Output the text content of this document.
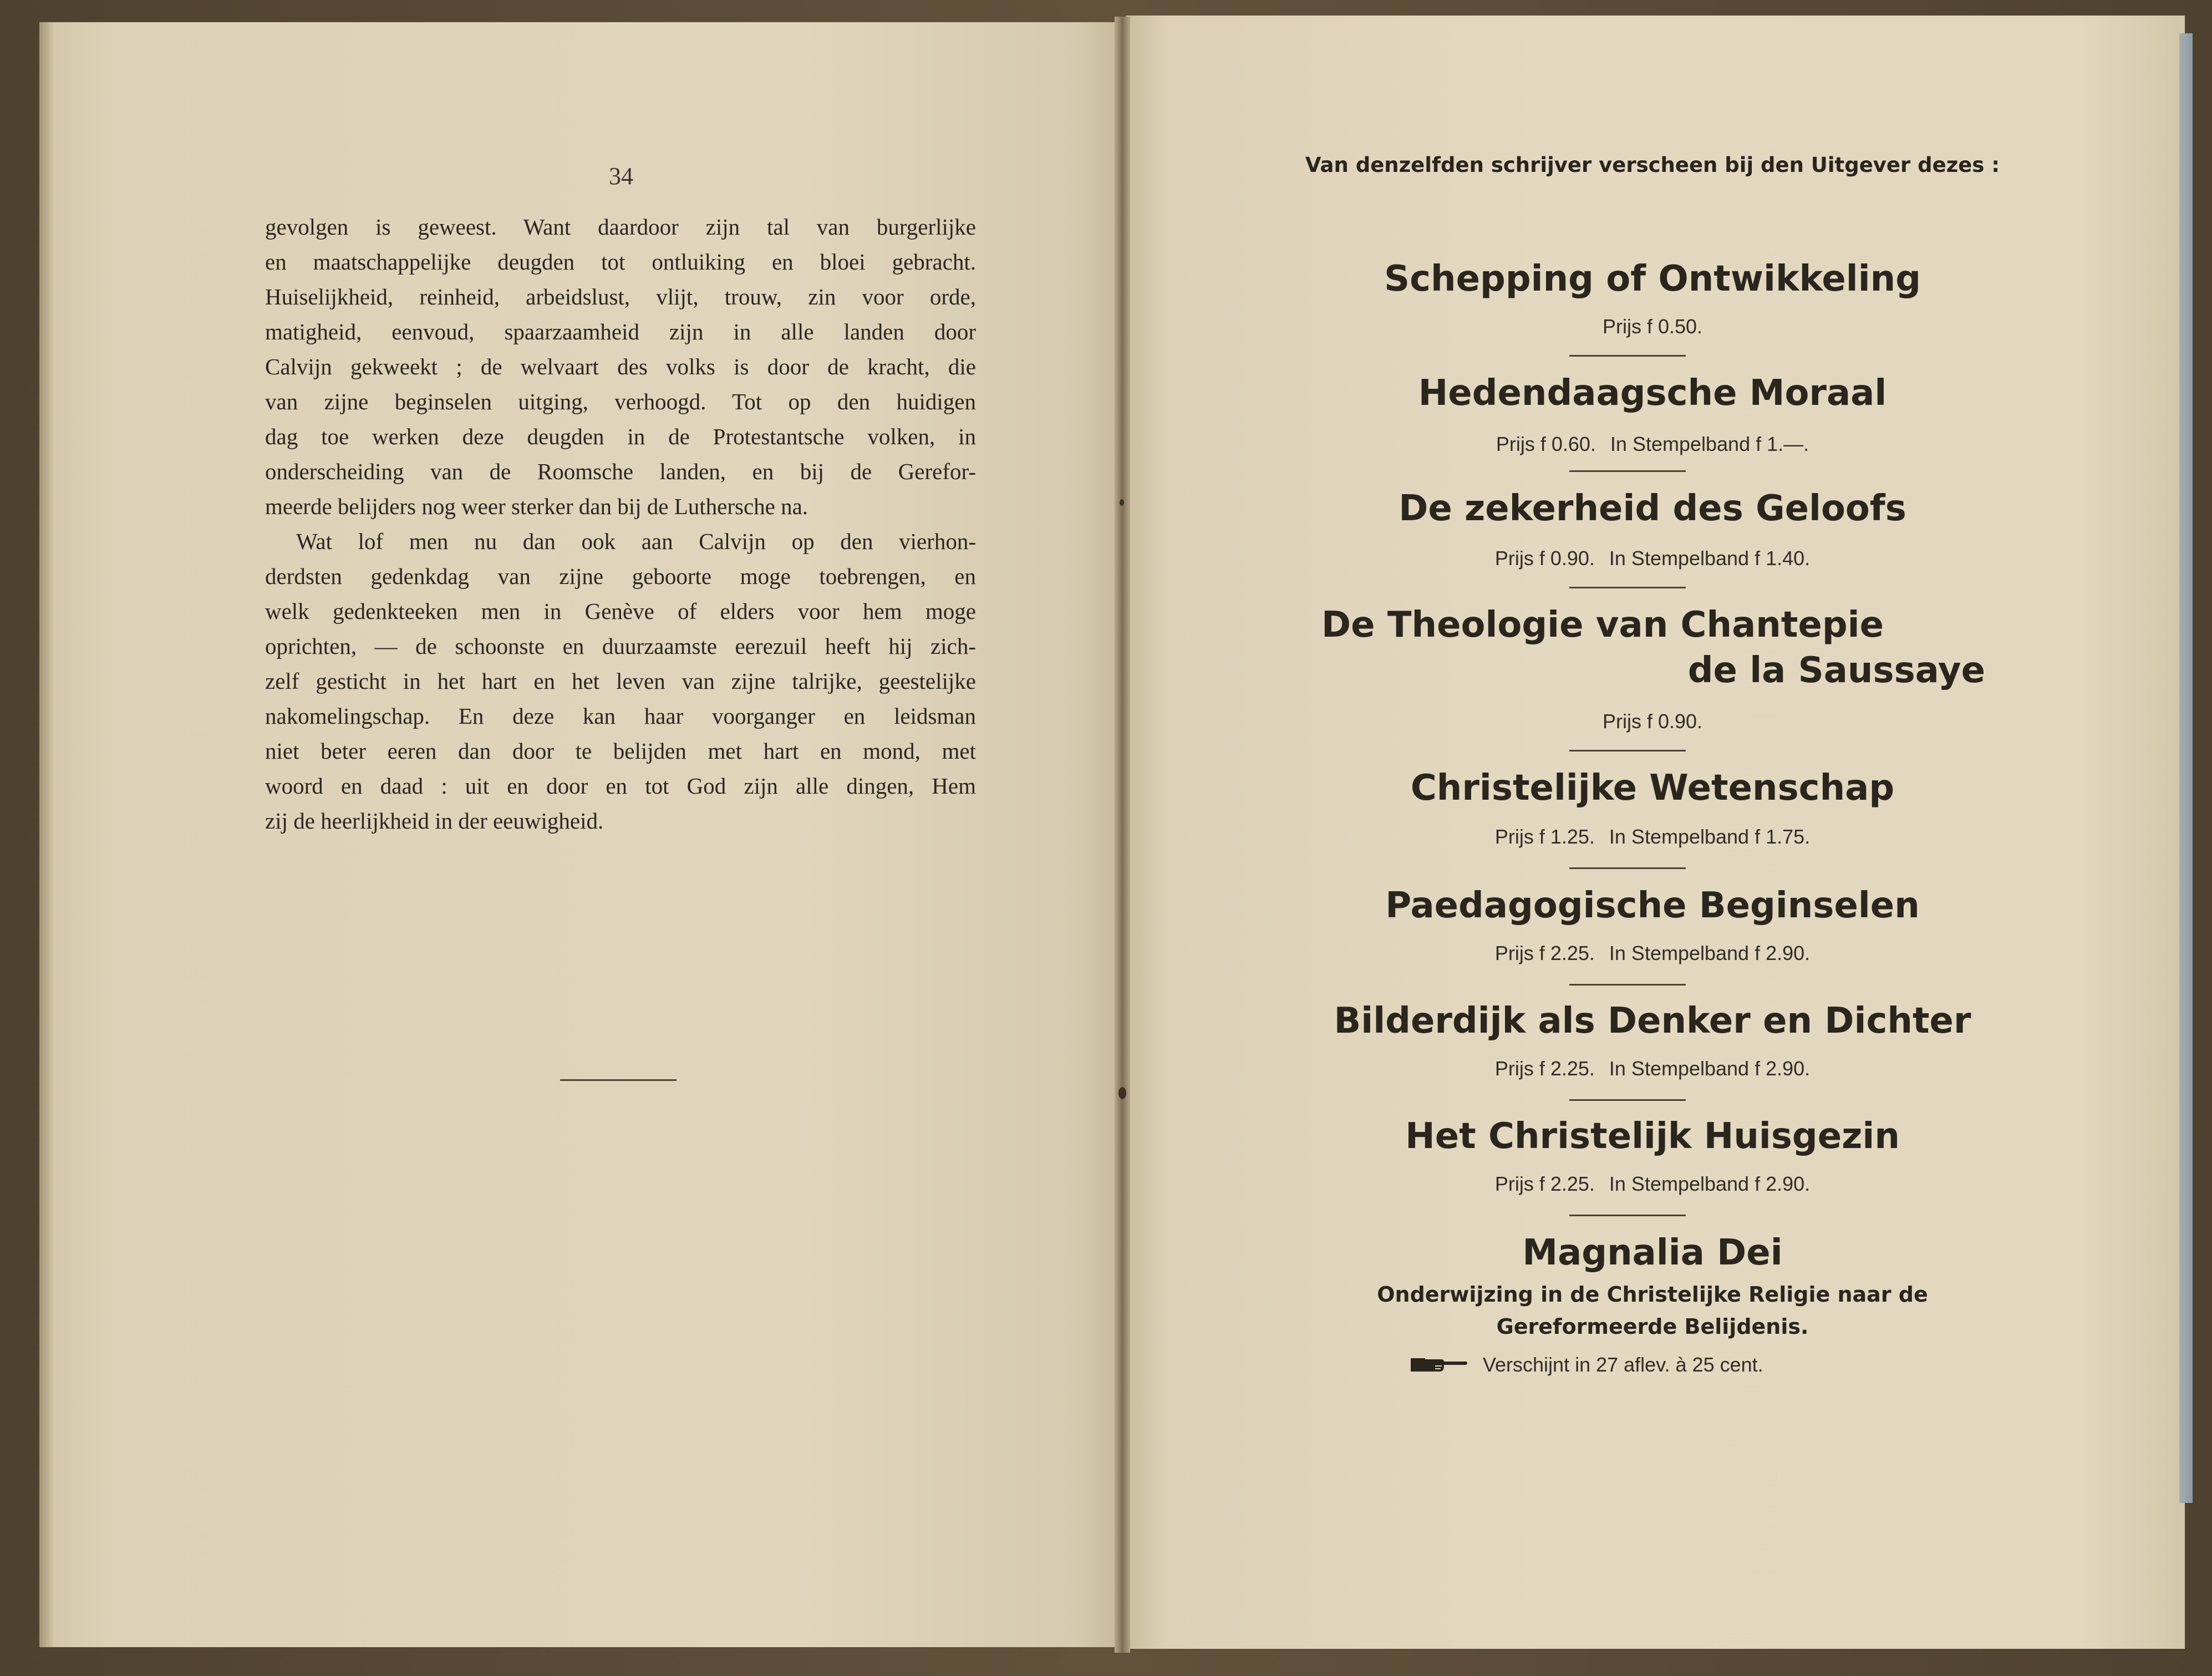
34
gevolgen is geweest. Want daardoor zijn tal van burgerlijke
en maatschappelijke deugden tot ontluiking en bloei gebracht.
Huiselijkheid, reinheid, arbeidslust, vlijt, trouw, zin voor orde,
matigheid, eenvoud, spaarzaamheid zijn in alle landen door
Calvijn gekweekt ; de welvaart des volks is door de kracht, die
van zijne beginselen uitging, verhoogd. Tot op den huidigen
dag toe werken deze deugden in de Protestantsche volken, in
onderscheiding van de Roomsche landen, en bij de Gerefor-
meerde belijders nog weer sterker dan bij de Luthersche na.
Wat lof men nu dan ook aan Calvijn op den vierhon-
derdsten gedenkdag van zijne geboorte moge toebrengen, en
welk gedenkteeken men in Genève of elders voor hem moge
oprichten, — de schoonste en duurzaamste eerezuil heeft hij zich-
zelf gesticht in het hart en het leven van zijne talrijke, geestelijke
nakomelingschap. En deze kan haar voorganger en leidsman
niet beter eeren dan door te belijden met hart en mond, met
woord en daad : uit en door en tot God zijn alle dingen, Hem
zij de heerlijkheid in der eeuwigheid.
Van denzelfden schrijver verscheen bij den Uitgever dezes :
Schepping of Ontwikkeling
Prijs f 0.50.
Hedendaagsche Moraal
Prijs f 0.60. In Stempelband f 1.—.
De zekerheid des Geloofs
Prijs f 0.90. In Stempelband f 1.40.
De Theologie van Chantepie
de la Saussaye
Prijs f 0.90.
Christelijke Wetenschap
Prijs f 1.25. In Stempelband f 1.75.
Paedagogische Beginselen
Prijs f 2.25. In Stempelband f 2.90.
Bilderdijk als Denker en Dichter
Prijs f 2.25. In Stempelband f 2.90.
Het Christelijk Huisgezin
Prijs f 2.25. In Stempelband f 2.90.
Magnalia Dei
Onderwijzing in de Christelijke Religie naar de
Gereformeerde Belijdenis.
Verschijnt in 27 aflev. à 25 cent.
